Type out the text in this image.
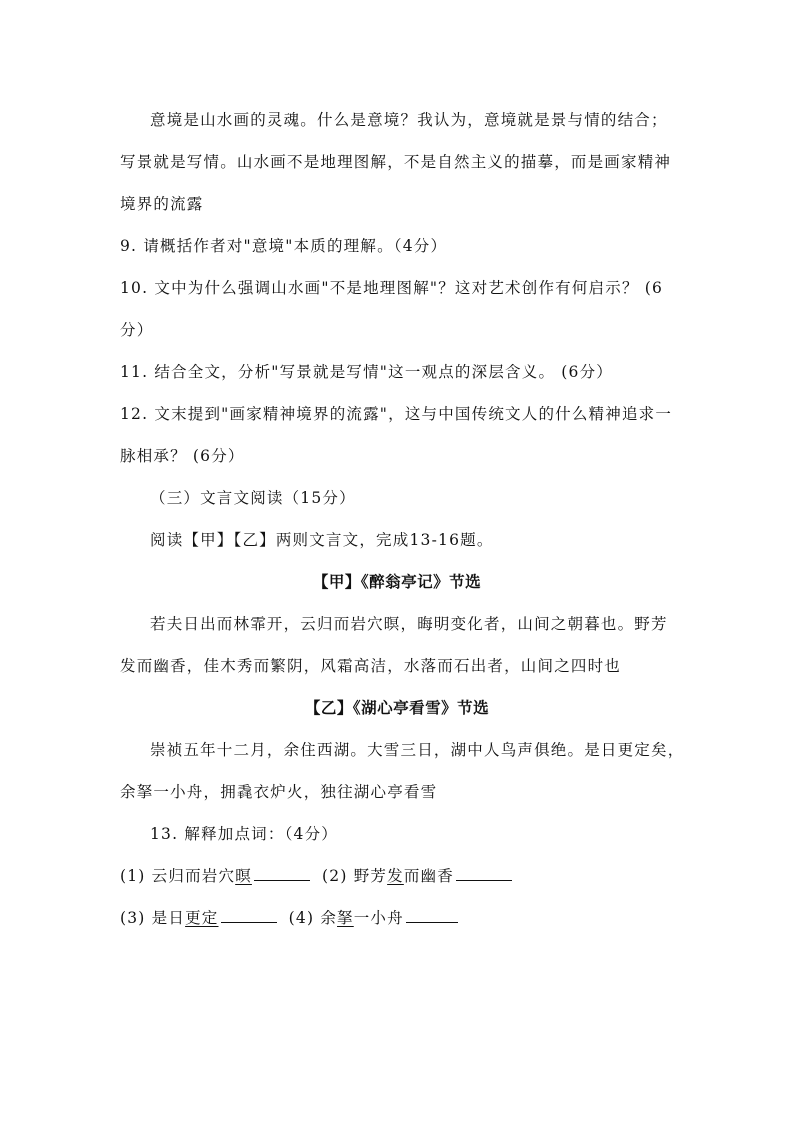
意境是山水画的灵魂。什么是意境？我认为，意境就是景与情的结合；
写景就是写情。山水画不是地理图解，不是自然主义的描摹，而是画家精神
境界的流露
9. 请概括作者对"意境"本质的理解。（4分）
10. 文中为什么强调山水画"不是地理图解"？这对艺术创作有何启示？ (6
分）
11. 结合全文，分析"写景就是写情"这一观点的深层含义。 (6分）
12. 文末提到"画家精神境界的流露"，这与中国传统文人的什么精神追求一
脉相承？ (6分）
（三）文言文阅读（15分）
阅读【甲】【乙】两则文言文，完成13-16题。
【甲】《醉翁亭记》节选
若夫日出而林霏开，云归而岩穴暝，晦明变化者，山间之朝暮也。野芳
发而幽香，佳木秀而繁阴，风霜高洁，水落而石出者，山间之四时也
【乙】《湖心亭看雪》节选
崇祯五年十二月，余住西湖。大雪三日，湖中人鸟声俱绝。是日更定矣，
余拏一小舟，拥毳衣炉火，独往湖心亭看雪
13. 解释加点词：（4分）
(1) 云归而岩穴暝	(2) 野芳发而幽香
(3) 是日更定	(4) 余拏一小舟
